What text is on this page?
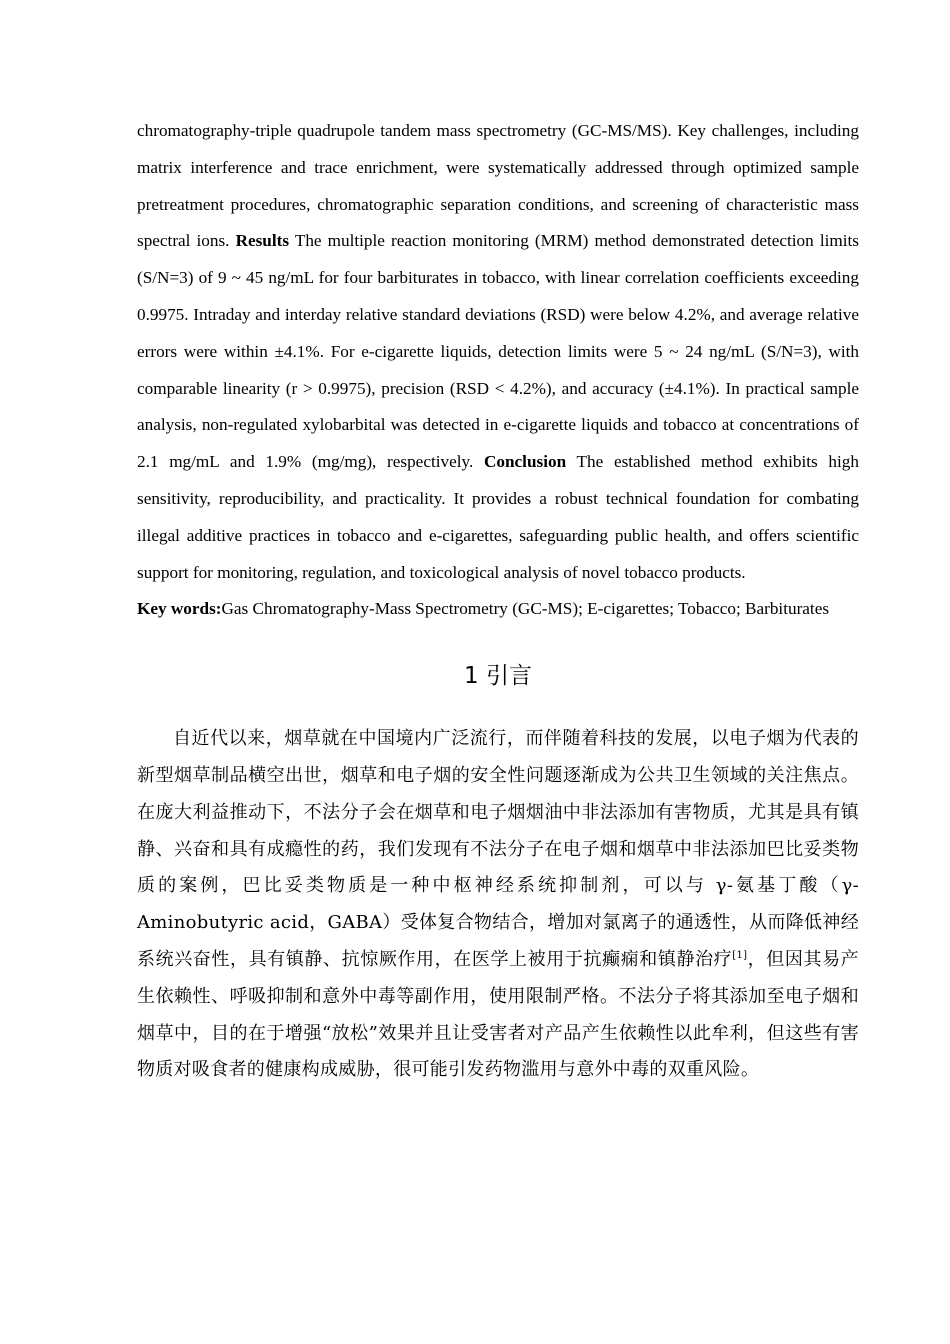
chromatography-triple quadrupole tandem mass spectrometry (GC-MS/MS). Key challenges, including matrix interference and trace enrichment, were systematically addressed through optimized sample pretreatment procedures, chromatographic separation conditions, and screening of characteristic mass spectral ions. Results The multiple reaction monitoring (MRM) method demonstrated detection limits (S/N=3) of 9 ~ 45 ng/mL for four barbiturates in tobacco, with linear correlation coefficients exceeding 0.9975. Intraday and interday relative standard deviations (RSD) were below 4.2%, and average relative errors were within ±4.1%. For e-cigarette liquids, detection limits were 5 ~ 24 ng/mL (S/N=3), with comparable linearity (r > 0.9975), precision (RSD < 4.2%), and accuracy (±4.1%). In practical sample analysis, non-regulated xylobarbital was detected in e-cigarette liquids and tobacco at concentrations of 2.1 mg/mL and 1.9% (mg/mg), respectively. Conclusion The established method exhibits high sensitivity, reproducibility, and practicality. It provides a robust technical foundation for combating illegal additive practices in tobacco and e-cigarettes, safeguarding public health, and offers scientific support for monitoring, regulation, and toxicological analysis of novel tobacco products.

Key words:Gas Chromatography-Mass Spectrometry (GC-MS); E-cigarettes; Tobacco; Barbiturates

1 引言

自近代以来，烟草就在中国境内广泛流行，而伴随着科技的发展，以电子烟为代表的新型烟草制品横空出世，烟草和电子烟的安全性问题逐渐成为公共卫生领域的关注焦点。在庞大利益推动下，不法分子会在烟草和电子烟烟油中非法添加有害物质，尤其是具有镇静、兴奋和具有成瘾性的药，我们发现有不法分子在电子烟和烟草中非法添加巴比妥类物质的案例，巴比妥类物质是一种中枢神经系统抑制剂，可以与 γ-氨基丁酸（γ-Aminobutyric acid，GABA）受体复合物结合，增加对氯离子的通透性，从而降低神经系统兴奋性，具有镇静、抗惊厥作用，在医学上被用于抗癫痫和镇静治疗[1]，但因其易产生依赖性、呼吸抑制和意外中毒等副作用，使用限制严格。不法分子将其添加至电子烟和烟草中，目的在于增强“放松”效果并且让受害者对产品产生依赖性以此牟利，但这些有害物质对吸食者的健康构成威胁，很可能引发药物滥用与意外中毒的双重风险。
